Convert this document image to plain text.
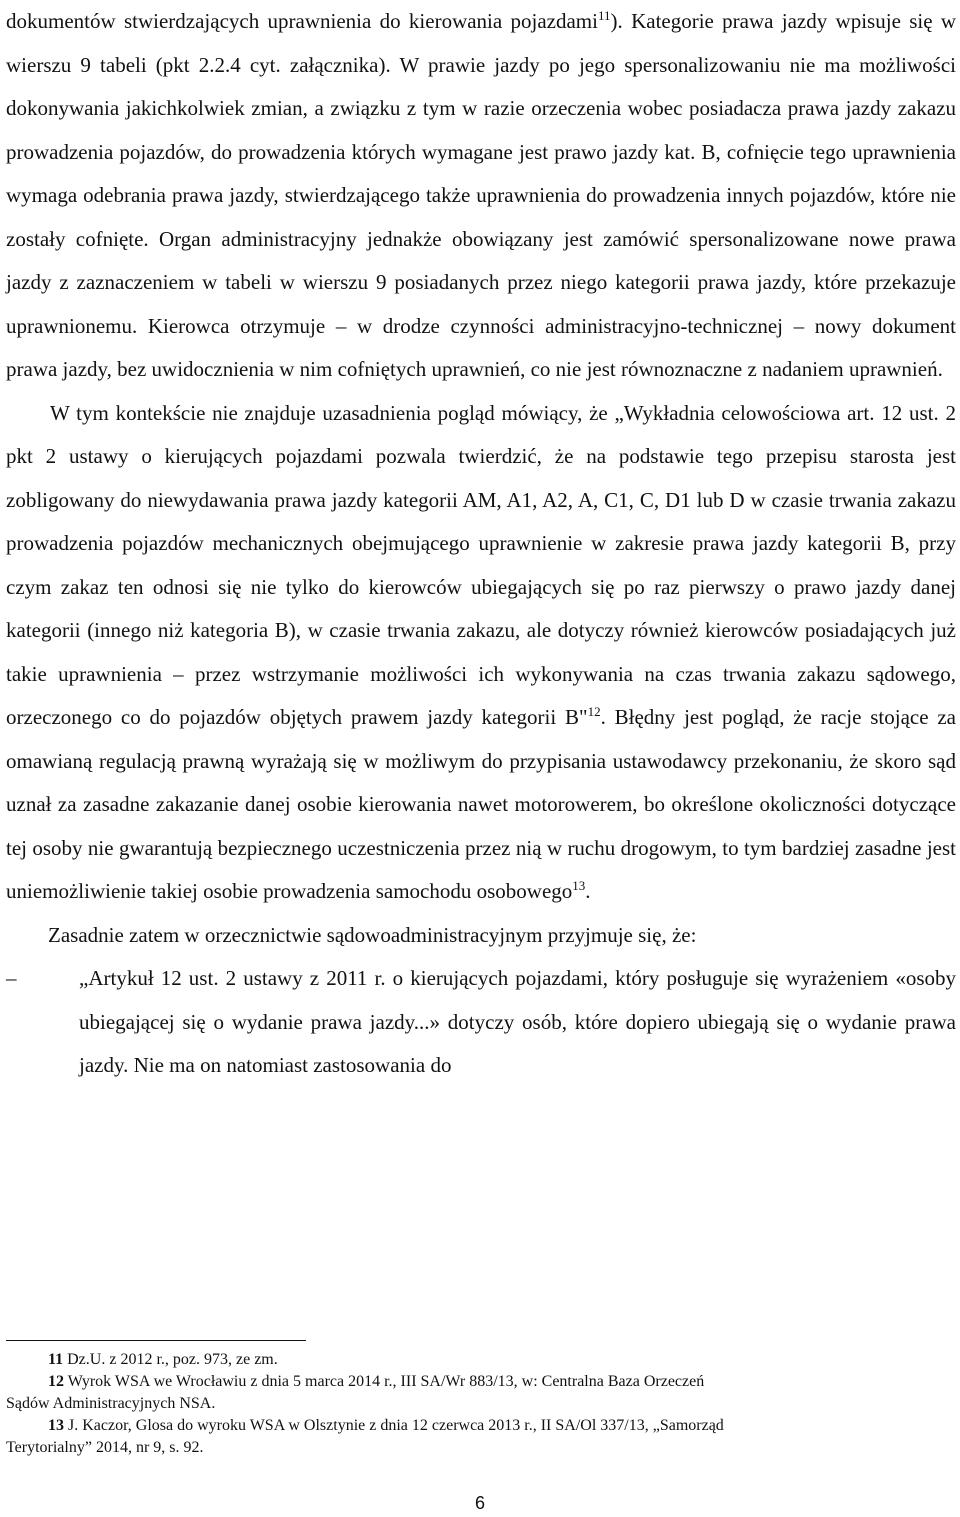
dokumentów stwierdzających uprawnienia do kierowania pojazdami$^{11}$). Kategorie prawa jazdy wpisuje się w wierszu 9 tabeli (pkt 2.2.4 cyt. załącznika). W prawie jazdy po jego spersonalizowaniu nie ma możliwości dokonywania jakichkolwiek zmian, a związku z tym w razie orzeczenia wobec posiadacza prawa jazdy zakazu prowadzenia pojazdów, do prowadzenia których wymagane jest prawo jazdy kat. B, cofnięcie tego uprawnienia wymaga odebrania prawa jazdy, stwierdzającego także uprawnienia do prowadzenia innych pojazdów, które nie zostały cofnięte. Organ administracyjny jednakże obowiązany jest zamówić spersonalizowane nowe prawa jazdy z zaznaczeniem w tabeli w wierszu 9 posiadanych przez niego kategorii prawa jazdy, które przekazuje uprawnionemu. Kierowca otrzymuje – w drodze czynności administracyjno-technicznej – nowy dokument prawa jazdy, bez uwidocznienia w nim cofniętych uprawnień, co nie jest równoznaczne z nadaniem uprawnień.

W tym kontekście nie znajduje uzasadnienia pogląd mówiący, że „Wykładnia celowościowa art. 12 ust. 2 pkt 2 ustawy o kierujących pojazdami pozwala twierdzić, że na podstawie tego przepisu starosta jest zobligowany do niewydawania prawa jazdy kategorii AM, A1, A2, A, C1, C, D1 lub D w czasie trwania zakazu prowadzenia pojazdów mechanicznych obejmującego uprawnienie w zakresie prawa jazdy kategorii B, przy czym zakaz ten odnosi się nie tylko do kierowców ubiegających się po raz pierwszy o prawo jazdy danej kategorii (innego niż kategoria B), w czasie trwania zakazu, ale dotyczy również kierowców posiadających już takie uprawnienia – przez wstrzymanie możliwości ich wykonywania na czas trwania zakazu sądowego, orzeczonego co do pojazdów objętych prawem jazdy kategorii B"$^{12}$. Błędny jest pogląd, że racje stojące za omawianą regulacją prawną wyrażają się w możliwym do przypisania ustawodawcy przekonaniu, że skoro sąd uznał za zasadne zakazanie danej osobie kierowania nawet motorowerem, bo określone okoliczności dotyczące tej osoby nie gwarantują bezpiecznego uczestniczenia przez nią w ruchu drogowym, to tym bardziej zasadne jest uniemożliwienie takiej osobie prowadzenia samochodu osobowego$^{13}$.

Zasadnie zatem w orzecznictwie sądowoadministracyjnym przyjmuje się, że:

–	„Artykuł 12 ust. 2 ustawy z 2011 r. o kierujących pojazdami, który posługuje się wyrażeniem «osoby ubiegającej się o wydanie prawa jazdy...» dotyczy osób, które dopiero ubiegają się o wydanie prawa jazdy. Nie ma on natomiast zastosowania do

11 Dz.U. z 2012 r., poz. 973, ze zm.

12 Wyrok WSA we Wrocławiu z dnia 5 marca 2014 r., III SA/Wr 883/13, w: Centralna Baza Orzeczeń

Sądów Administracyjnych NSA.

13 J. Kaczor, Glosa do wyroku WSA w Olsztynie z dnia 12 czerwca 2013 r., II SA/Ol 337/13, „Samorząd

Terytorialny” 2014, nr 9, s. 92.

6
